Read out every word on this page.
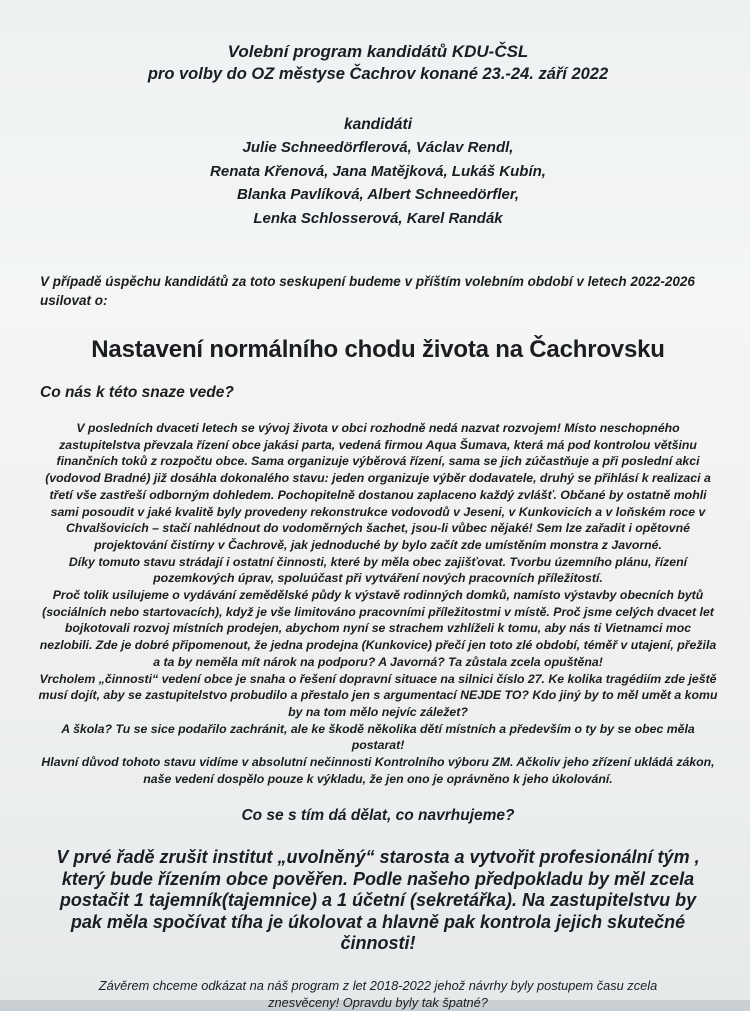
Volební program kandidátů KDU-ČSL
pro volby do OZ městyse Čachrov konané 23.-24. září 2022
kandidáti
Julie Schneedörflerová, Václav Rendl,
Renata Křenová, Jana Matějková, Lukáš Kubín,
Blanka Pavlíková, Albert Schneedörfler,
Lenka Schlosserová, Karel Randák
V případě úspěchu kandidátů za toto seskupení budeme v příštím volebním období v letech 2022-2026 usilovat o:
Nastavení normálního chodu života na Čachrovsku
Co nás k této snaze vede?

V posledních dvaceti letech se vývoj života v obci rozhodně nedá nazvat rozvojem! Místo neschopného zastupitelstva převzala řízení obce jakási parta, vedená firmou Aqua Šumava, která má pod kontrolou většinu finančních toků z rozpočtu obce. Sama organizuje výběrová řízení, sama se jich zúčastňuje a při poslední akci (vodovod Bradné) již dosáhla dokonalého stavu: jeden organizuje výběr dodavatele, druhý se přihlásí k realizaci a třetí vše zastřeší odborným dohledem. Pochopitelně dostanou zaplaceno každý zvlášť. Občané by ostatně mohli sami posoudit v jaké kvalitě byly provedeny rekonstrukce vodovodů v Jeseni, v Kunkovicích a v loňském roce v Chvalšovicích – stačí nahlédnout do vodoměrných šachet, jsou-li vůbec nějaké! Sem lze zařadit i opětovné projektování čistírny v Čachrově, jak jednoduché by bylo začít zde umístěním monstra z Javorné.

Díky tomuto stavu strádají i ostatní činnosti, které by měla obec zajišťovat. Tvorbu územního plánu, řízení pozemkových úprav, spoluúčast při vytváření nových pracovních příležitostí.

Proč tolik usilujeme o vydávání zemědělské půdy k výstavě rodinných domků, namísto výstavby obecních bytů (sociálních nebo startovacích), když je vše limitováno pracovními příležitostmi v místě. Proč jsme celých dvacet let bojkotovali rozvoj místních prodejen, abychom nyní se strachem vzhlíželi k tomu, aby nás ti Vietnamci moc nezlobili. Zde je dobré připomenout, že jedna prodejna (Kunkovice) přečí jen toto zlé období, téměř v utajení, přežila a ta by neměla mít nárok na podporu? A Javorná? Ta zůstala zcela opuštěna!

Vrcholem „činnosti“ vedení obce je snaha o řešení dopravní situace na silnici číslo 27. Ke kolika tragédiím zde ještě musí dojít, aby se zastupitelstvo probudilo a přestalo jen s argumentací NEJDE TO? Kdo jiný by to měl umět a komu by na tom mělo nejvíc záležet?

A škola? Tu se sice podařilo zachránit, ale ke škodě několika dětí místních a především o ty by se obec měla postarat!

Hlavní důvod tohoto stavu vidíme v absolutní nečinnosti Kontrolního výboru ZM. Ačkoliv jeho zřízení ukládá zákon, naše vedení dospělo pouze k výkladu, že jen ono je oprávněno k jeho úkolování.

Co se s tím dá dělat, co navrhujeme?
V prvé řadě zrušit institut „uvolněný“ starosta a vytvořit profesionální tým , který bude řízením obce pověřen. Podle našeho předpokladu by měl zcela postačit 1 tajemník(tajemnice) a 1 účetní (sekretářka). Na zastupitelstvu by pak měla spočívat tíha je úkolovat a hlavně pak kontrola jejich skutečné činnosti!
Závěrem chceme odkázat na náš program z let 2018-2022 jehož návrhy byly postupem času zcela znesvěceny! Opravdu byly tak špatné?
